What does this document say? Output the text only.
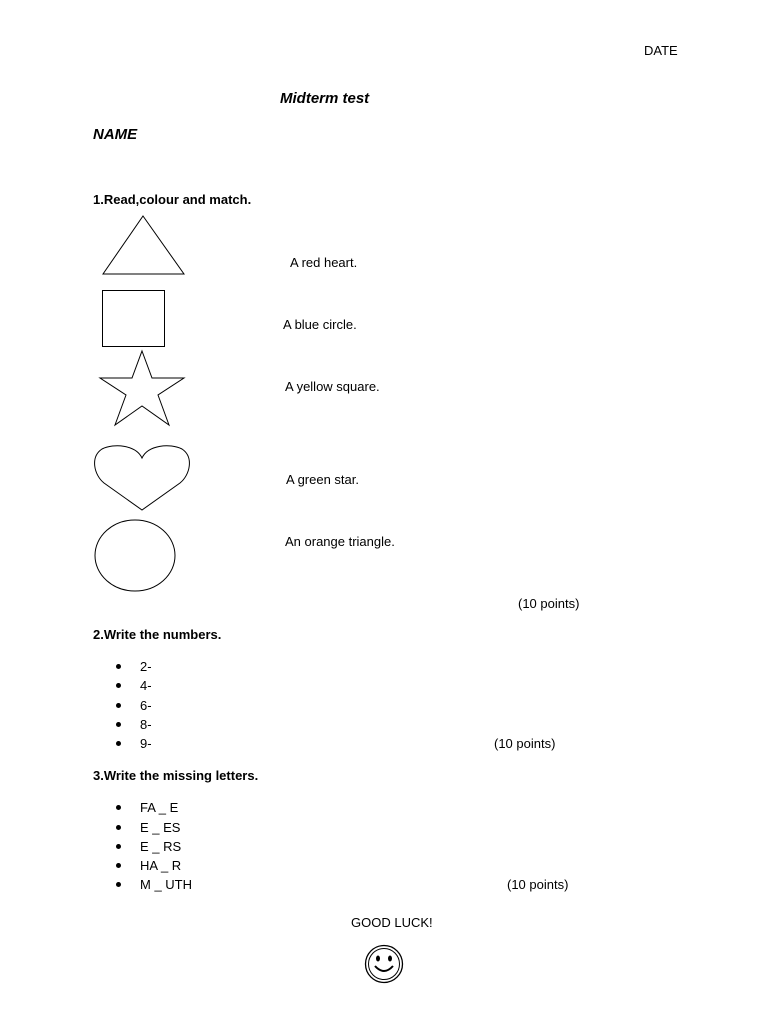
DATE
Midterm test
NAME
1.Read,colour and match.
A red heart.
A blue circle.
A yellow square.
A green star.
An orange triangle.
(10 points)
2.Write the numbers.
2-
4-
6-
8-
9-	(10 points)
3.Write the missing letters.
FA _ E
E _ ES
E _ RS
HA _ R
M _ UTH	(10 points)
GOOD LUCK!
